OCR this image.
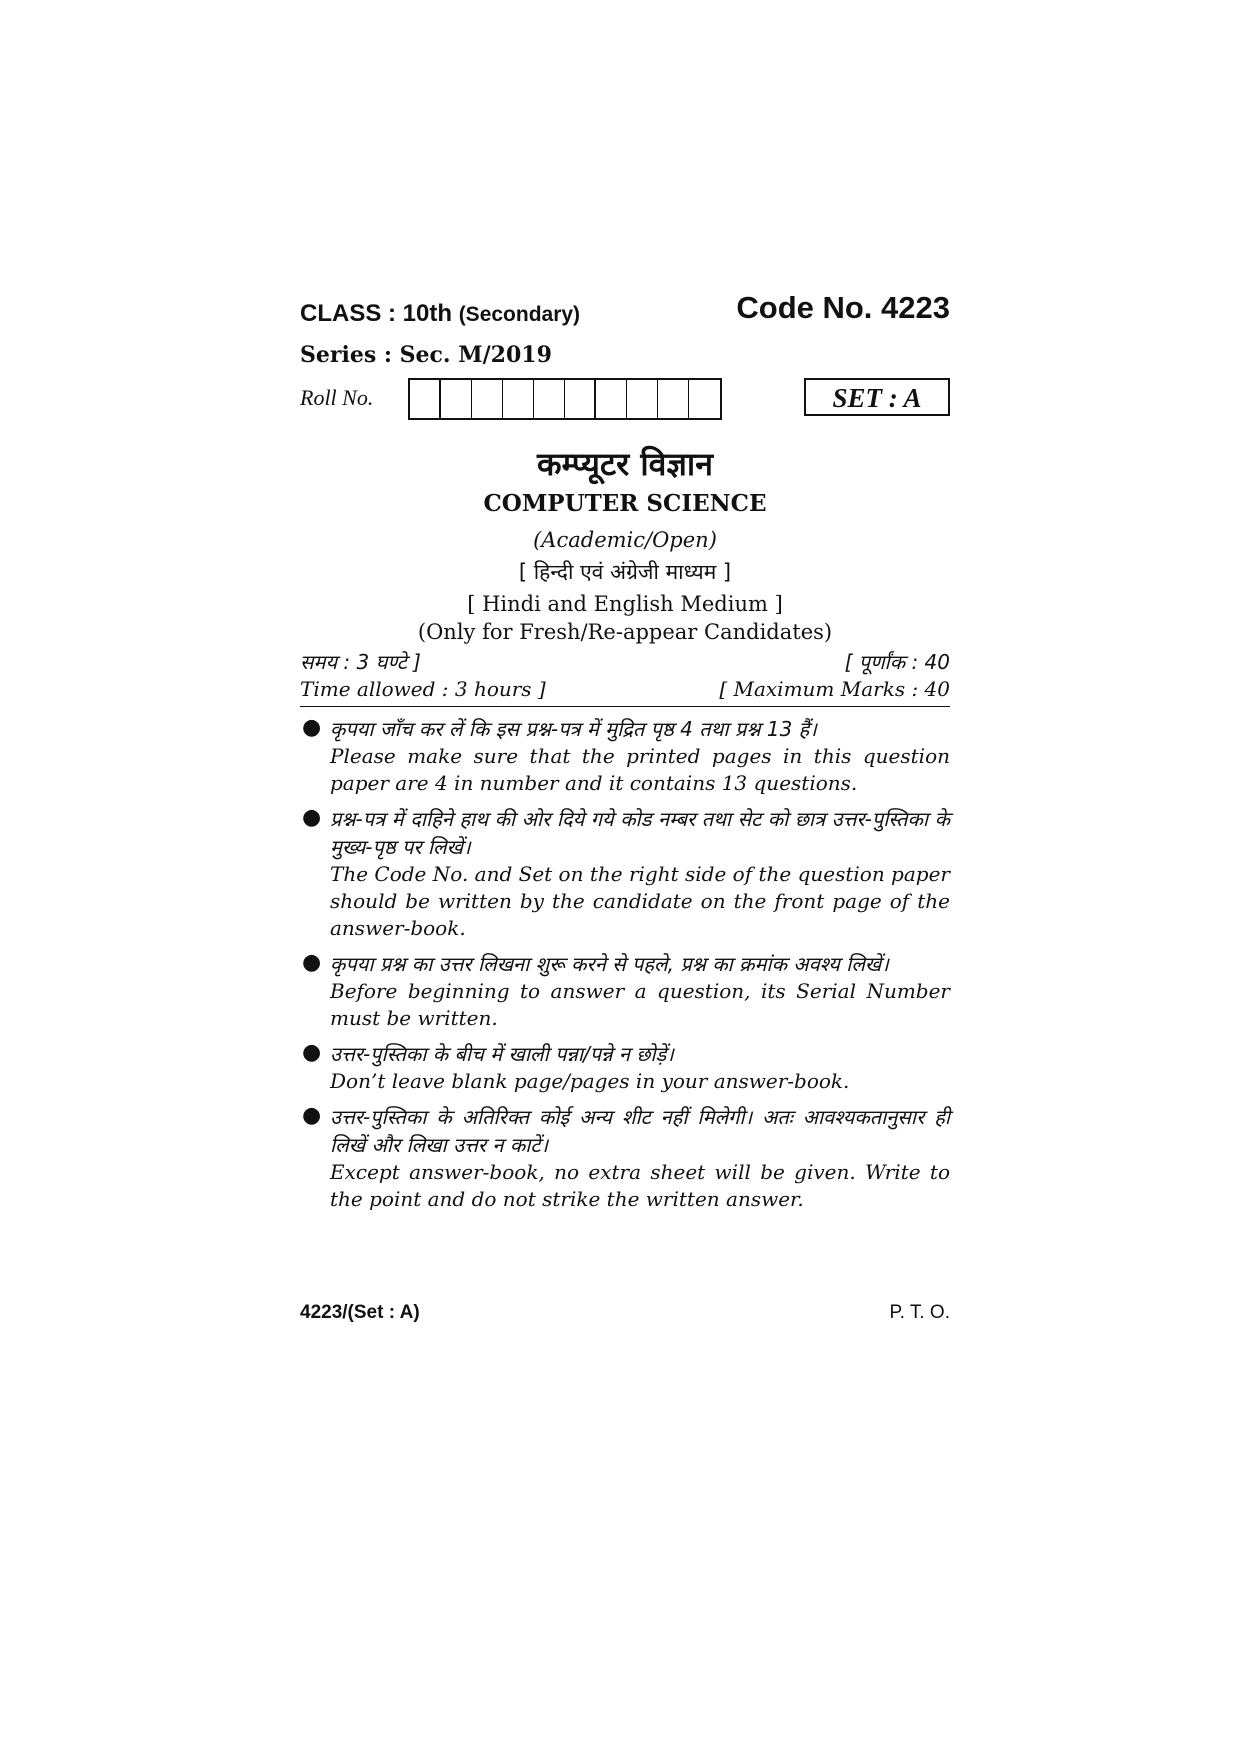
CLASS : 10th (Secondary)	Code No. 4223
Series : Sec. M/2019
Roll No.	SET : A
कम्प्यूटर विज्ञान
COMPUTER SCIENCE
(Academic/Open)
[ हिन्दी एवं अंग्रेजी माध्यम ]
[ Hindi and English Medium ]
(Only for Fresh/Re-appear Candidates)
समय : 3 घण्टे ]	[ पूर्णांक : 40
Time allowed : 3 hours ]	[ Maximum Marks : 40
● कृपया जाँच कर लें कि इस प्रश्न-पत्र में मुद्रित पृष्ठ 4 तथा प्रश्न 13 हैं।
Please make sure that the printed pages in this question paper are 4 in number and it contains 13 questions.
● प्रश्न-पत्र में दाहिने हाथ की ओर दिये गये कोड नम्बर तथा सेट को छात्र उत्तर-पुस्तिका के मुख्य-पृष्ठ पर लिखें।
The Code No. and Set on the right side of the question paper should be written by the candidate on the front page of the answer-book.
● कृपया प्रश्न का उत्तर लिखना शुरू करने से पहले, प्रश्न का क्रमांक अवश्य लिखें।
Before beginning to answer a question, its Serial Number must be written.
● उत्तर-पुस्तिका के बीच में खाली पन्ना/पन्ने न छोड़ें।
Don’t leave blank page/pages in your answer-book.
● उत्तर-पुस्तिका के अतिरिक्त कोई अन्य शीट नहीं मिलेगी। अतः आवश्यकतानुसार ही लिखें और लिखा उत्तर न काटें।
Except answer-book, no extra sheet will be given. Write to the point and do not strike the written answer.
4223/(Set : A)	P. T. O.
